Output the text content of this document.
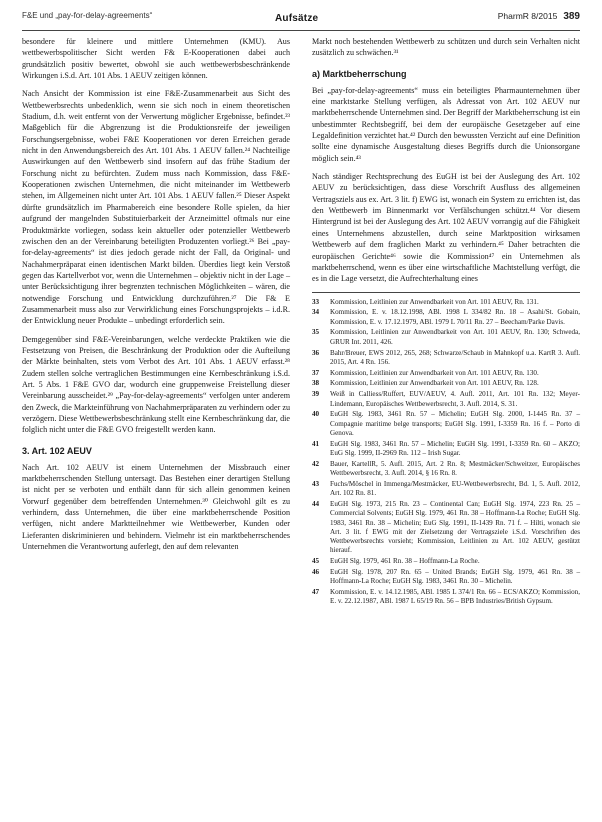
F&E und „pay-for-delay-agreements“	Aufsätze	PharmR 8/2015 389

besondere für kleinere und mittlere Unternehmen (KMU). Aus wettbewerbspolitischer Sicht werden F& E-Kooperationen dabei auch grundsätzlich positiv bewertet, obwohl sie auch wettbewerbsbeschränkende Wirkungen i.S.d. Art. 101 Abs. 1 AEUV zeitigen können.

Nach Ansicht der Kommission ist eine F&E-Zusammenarbeit aus Sicht des Wettbewerbsrechts unbedenklich, wenn sie sich noch in einem theoretischen Stadium, d.h. weit entfernt von der Verwertung möglicher Ergebnisse, befindet.²³ Maßgeblich für die Abgrenzung ist die Produktionsreife der jeweiligen Forschungsergebnisse, wobei F&E Kooperationen vor deren Erreichen gerade nicht in den Anwendungsbereich des Art. 101 Abs. 1 AEUV fallen.²⁴ Nachteilige Auswirkungen auf den Wettbewerb sind insofern auf das frühe Stadium der Forschung nicht zu befürchten. Zudem muss nach Kommission, dass F&E-Kooperationen zwischen Unternehmen, die nicht miteinander im Wettbewerb stehen, im Allgemeinen nicht unter Art. 101 Abs. 1 AEUV fallen.²⁵ Dieser Aspekt dürfte grundsätzlich im Pharmabereich eine besondere Rolle spielen, da hier aufgrund der mangelnden Substituierbarkeit der Arzneimittel oftmals nur eine Produktmärkte vorliegen, sodass kein aktueller oder potenzieller Wettbewerb zwischen den an der Vereinbarung beteiligten Produzenten vorliegt.²⁶ Bei „pay-for-delay-agreements“ ist dies jedoch gerade nicht der Fall, da Original- und Nachahmerpräparat einen identischen Markt bilden. Überdies liegt kein Verstoß gegen das Kartellverbot vor, wenn die Unternehmen – objektiv nicht in der Lage – unter Berücksichtigung ihrer begrenzten technischen Möglichkeiten – wären, die notwendige Forschung und Entwicklung durchzuführen.²⁷ Die F& E Zusammenarbeit muss also zur Verwirklichung eines Forschungsprojekts – i.d.R. der Entwicklung neuer Produkte – unbedingt erforderlich sein.

Demgegenüber sind F&E-Vereinbarungen, welche verdeckte Praktiken wie die Festsetzung von Preisen, die Beschränkung der Produktion oder die Aufteilung der Märkte beinhalten, stets vom Verbot des Art. 101 Abs. 1 AEUV erfasst.²⁸ Zudem stellen solche vertraglichen Bestimmungen eine Kernbeschränkung i.S.d. Art. 5 Abs. 1 F&E GVO dar, wodurch eine gruppenweise Freistellung dieser Vereinbarung ausscheidet.²⁹ „Pay-for-delay-agreements“ verfolgen unter anderem den Zweck, die Markteinführung von Nachahmerpräparaten zu verhindern oder zu verzögern. Diese Wettbewerbsbeschränkung stellt eine Kernbeschränkung dar, die folglich nicht unter die F&E GVO freigestellt werden kann.

3. Art. 102 AEUV

Nach Art. 102 AEUV ist einem Unternehmen der Missbrauch einer marktbeherrschenden Stellung untersagt. Das Bestehen einer derartigen Stellung ist nicht per se verboten und enthält dann für sich allein genommen keinen Vorwurf gegenüber dem betreffenden Unternehmen.³⁰ Gleichwohl gilt es zu verhindern, dass Unternehmen, die über eine marktbeherrschende Position verfügen, nicht andere Marktteilnehmer wie Wettbewerber, Kunden oder Lieferanten diskriminieren und behindern. Vielmehr ist ein marktbeherrschendes Unternehmen die Verantwortung auferlegt, den auf dem relevanten

Markt noch bestehenden Wettbewerb zu schützen und durch sein Verhalten nicht zusätzlich zu schwächen.³¹

a) Marktbeherrschung

Bei „pay-for-delay-agreements“ muss ein beteiligtes Pharmaunternehmen über eine marktstarke Stellung verfügen, als Adressat von Art. 102 AEUV nur marktbeherrschende Unternehmen sind. Der Begriff der Marktbeherrschung ist ein unbestimmter Rechtsbegriff, bei dem der europäische Gesetzgeber auf eine Legaldefinition verzichtet hat.⁴² Durch den bewussten Verzicht auf eine Definition sollte eine dynamische Ausgestaltung dieses Begriffs durch die Unionsorgane möglich sein.⁴³

Nach ständiger Rechtsprechung des EuGH ist bei der Auslegung des Art. 102 AEUV zu berücksichtigen, dass diese Vorschrift Ausfluss des allgemeinen Vertragsziels aus ex. Art. 3 lit. f) EWG ist, wonach ein System zu errichten ist, das den Wettbewerb im Binnenmarkt vor Verfälschungen schützt.⁴⁴ Vor diesem Hintergrund ist bei der Auslegung des Art. 102 AEUV vorrangig auf die Fähigkeit eines Unternehmens abzustellen, durch seine Marktposition wirksamen Wettbewerb auf dem fraglichen Markt zu verhindern.⁴⁵ Daher betrachten die europäischen Gerichte⁴⁶ sowie die Kommission⁴⁷ ein Unternehmen als marktbeherrschend, wenn es über eine wirtschaftliche Machtstellung verfügt, die es in die Lage versetzt, die Aufrechterhaltung eines

33	Kommission, Leitlinien zur Anwendbarkeit von Art. 101 AEUV, Rn. 131.
34	Kommission, E. v. 18.12.1998, ABl. 1998 L 334/82 Rn. 18 – Asahi/St. Gobain, Kommission, E. v. 17.12.1979, ABl. 1979 L 70/11 Rn. 27 – Beecham/Parke Davis.
35	Kommission, Leitlinien zur Anwendbarkeit von Art. 101 AEUV, Rn. 130; Schweda, GRUR Int. 2011, 426.
36	Bahr/Breuer, EWS 2012, 265, 268; Schwarze/Schaub in Mahnkopf u.a. KartR 3. Aufl. 2015, Art. 4 Rn. 156.
37	Kommission, Leitlinien zur Anwendbarkeit von Art. 101 AEUV, Rn. 130.
38	Kommission, Leitlinien zur Anwendbarkeit von Art. 101 AEUV, Rn. 128.
39	Weiß in Calliess/Ruffert, EUV/AEUV, 4. Aufl. 2011, Art. 101 Rn. 132; Meyer-Lindemann, Europäisches Wettbewerbsrecht, 3. Aufl. 2014, S. 31.
40	EuGH Slg. 1983, 3461 Rn. 57 – Michelin; EuGH Slg. 2000, I-1445 Rn. 37 – Compagnie maritime belge transports; EuGH Slg. 1991, I-3359 Rn. 16 f. – Porto di Genova.
41	EuGH Slg. 1983, 3461 Rn. 57 – Michelin; EuGH Slg. 1991, I-3359 Rn. 60 – AKZO; EuG Slg. 1999, II-2969 Rn. 112 – Irish Sugar.
42	Bauer, KartellR, 5. Aufl. 2015, Art. 2 Rn. 8; Mestmäcker/Schweitzer, Europäisches Wettbewerbsrecht, 3. Aufl. 2014, § 16 Rn. 8.
43	Fuchs/Möschel in Immenga/Mestmäcker, EU-Wettbewerbsrecht, Bd. 1, 5. Aufl. 2012, Art. 102 Rn. 81.
44	EuGH Slg. 1973, 215 Rn. 23 – Continental Can; EuGH Slg. 1974, 223 Rn. 25 – Commercial Solvents; EuGH Slg. 1979, 461 Rn. 38 – Hoffmann-La Roche; EuGH Slg. 1983, 3461 Rn. 38 – Michelin; EuG Slg. 1991, II-1439 Rn. 71 f. – Hilti, wonach sie Art. 3 lit. f EWG mit der Zielsetzung der Vertragsziele i.S.d. Vorschriften des Wettbewerbsrechts vorsieht; Kommission, Leitlinien zu Art. 102 AEUV, gestützt hierauf.
45	EuGH Slg. 1979, 461 Rn. 38 – Hoffmann-La Roche.
46	EuGH Slg. 1978, 207 Rn. 65 – United Brands; EuGH Slg. 1979, 461 Rn. 38 – Hoffmann-La Roche; EuGH Slg. 1983, 3461 Rn. 30 – Michelin.
47	Kommission, E. v. 14.12.1985, ABl. 1985 L 374/1 Rn. 66 – ECS/AKZO; Kommission, E. v. 22.12.1987, ABl. 1987 L 65/19 Rn. 56 – BPB Industries/British Gypsum.
